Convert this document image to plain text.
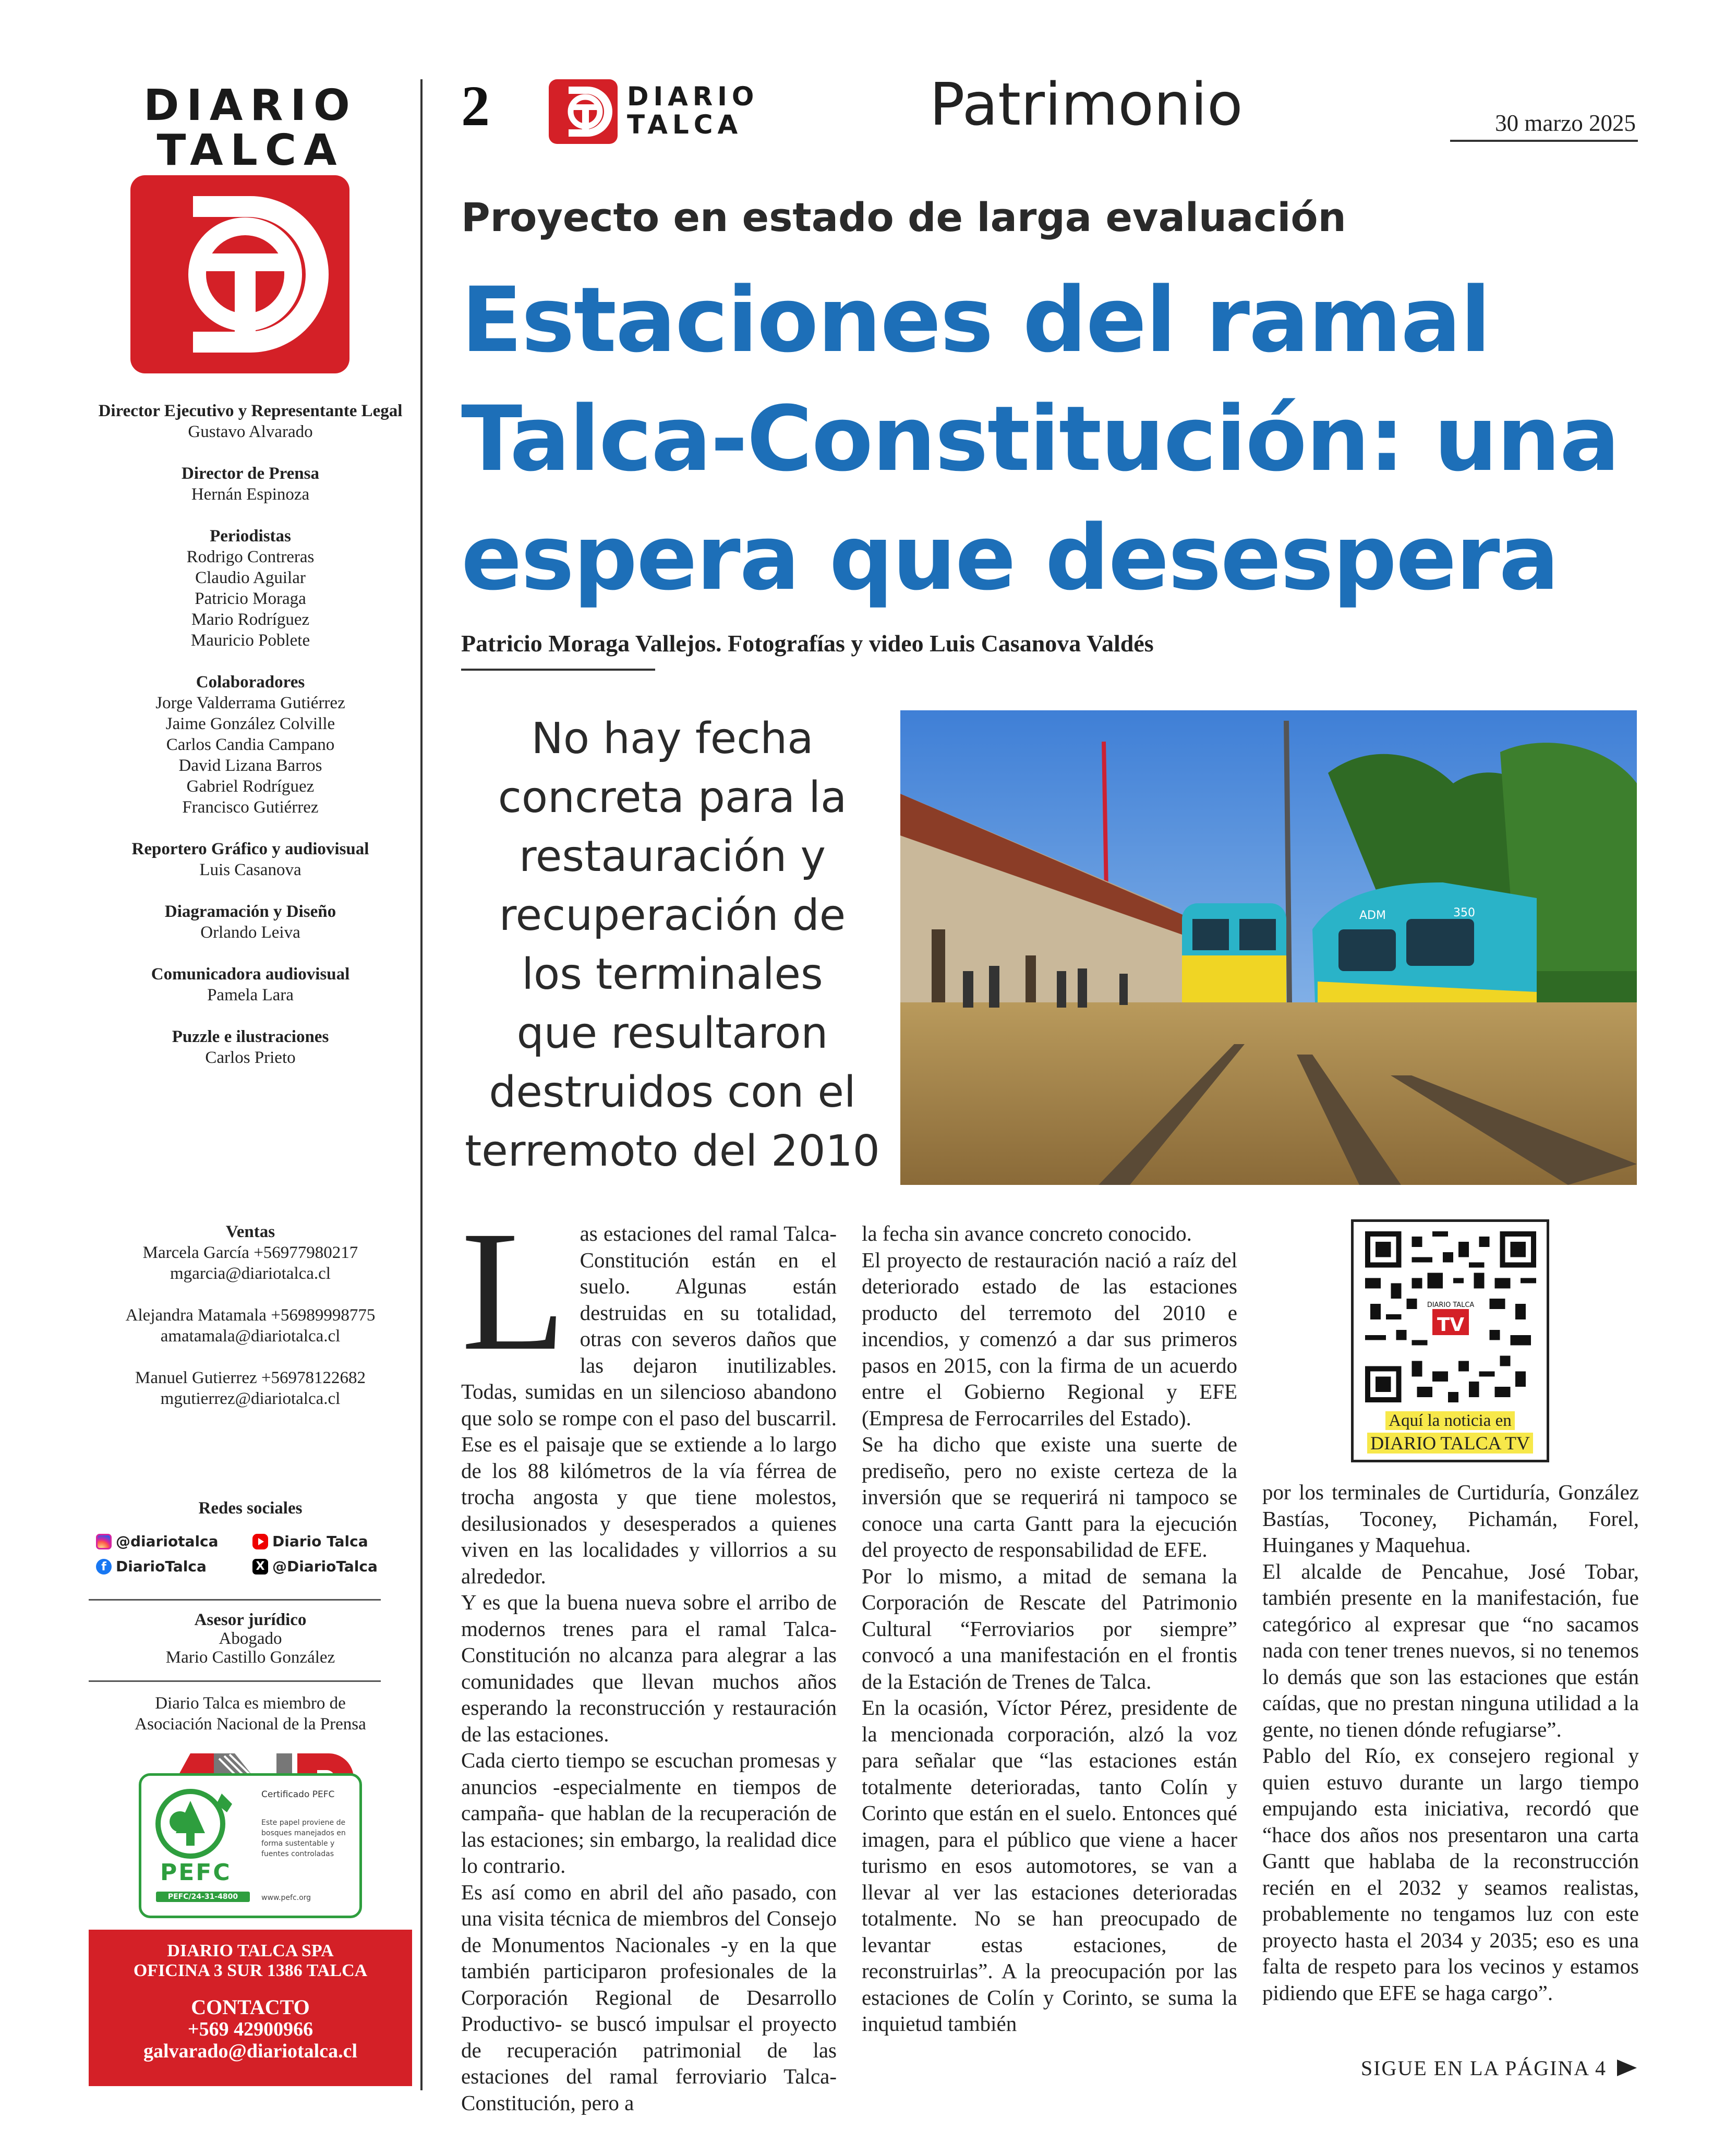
DIARIO
TALCA
Director Ejecutivo y Representante Legal
Gustavo Alvarado
Director de Prensa
Hernán Espinoza
Periodistas
Rodrigo Contreras
Claudio Aguilar
Patricio Moraga
Mario Rodríguez
Mauricio Poblete
Colaboradores
Jorge Valderrama Gutiérrez
Jaime González Colville
Carlos Candia Campano
David Lizana Barros
Gabriel Rodríguez
Francisco Gutiérrez
Reportero Gráfico y audiovisual
Luis Casanova
Diagramación y Diseño
Orlando Leiva
Comunicadora audiovisual
Pamela Lara
Puzzle e ilustraciones
Carlos Prieto
Ventas
Marcela García +56977980217
mgarcia@diariotalca.cl
Alejandra Matamala +56989998775
amatamala@diariotalca.cl
Manuel Gutierrez +56978122682
mgutierrez@diariotalca.cl
Redes sociales
@diariotalca	Diario Talca
f DiarioTalca	X @DiarioTalca
Asesor jurídico
Abogado
Mario Castillo González
Diario Talca es miembro de
Asociación Nacional de la Prensa
PEFC
PEFC/24-31-4800
Certificado PEFC
Este papel proviene de bosques manejados en forma sustentable y fuentes controladas
www.pefc.org
DIARIO TALCA SPA
OFICINA 3 SUR 1386 TALCA
CONTACTO
+569 42900966
galvarado@diariotalca.cl
2	DIARIO
TALCA	Patrimonio	30 marzo 2025
Proyecto en estado de larga evaluación
Estaciones del ramal
Talca-Constitución: una
espera que desespera
Patricio Moraga Vallejos. Fotografías y video Luis Casanova Valdés
No hay fecha
concreta para la
restauración y
recuperación de
los terminales
que resultaron
destruidos con el
terremoto del 2010
ADM	350
L as estaciones del ramal Talca-Constitución están en el suelo. Algunas están destruidas en su totalidad, otras con severos daños que las dejaron inutilizables. Todas, sumidas en un silencioso abandono que solo se rompe con el paso del buscarril. Ese es el paisaje que se extiende a lo largo de los 88 kilómetros de la vía férrea de trocha angosta y que tiene molestos, desilusionados y desesperados a quienes viven en las localidades y villorrios a su alrededor.

Y es que la buena nueva sobre el arribo de modernos trenes para el ramal Talca-Constitución no alcanza para alegrar a las comunidades que llevan muchos años esperando la reconstrucción y restauración de las estaciones.

Cada cierto tiempo se escuchan promesas y anuncios -especialmente en tiempos de campaña- que hablan de la recuperación de las estaciones; sin embargo, la realidad dice lo contrario.

Es así como en abril del año pasado, con una visita técnica de miembros del Consejo de Monumentos Nacionales -y en la que también participaron profesionales de la Corporación Regional de Desarrollo Productivo- se buscó impulsar el proyecto de recuperación patrimonial de las estaciones del ramal ferroviario Talca-Constitución, pero a

la fecha sin avance concreto conocido.

El proyecto de restauración nació a raíz del deteriorado estado de las estaciones producto del terremoto del 2010 e incendios, y comenzó a dar sus primeros pasos en 2015, con la firma de un acuerdo entre el Gobierno Regional y EFE (Empresa de Ferrocarriles del Estado).

Se ha dicho que existe una suerte de prediseño, pero no existe certeza de la inversión que se requerirá ni tampoco se conoce una carta Gantt para la ejecución del proyecto de responsabilidad de EFE.

Por lo mismo, a mitad de semana la Corporación de Rescate del Patrimonio Cultural “Ferroviarios por siempre” convocó a una manifestación en el frontis de la Estación de Trenes de Talca.

En la ocasión, Víctor Pérez, presidente de la mencionada corporación, alzó la voz para señalar que “las estaciones están totalmente deterioradas, tanto Colín y Corinto que están en el suelo. Entonces qué imagen, para el público que viene a hacer turismo en esos automotores, se van a llevar al ver las estaciones deterioradas totalmente. No se han preocupado de levantar estas estaciones, de reconstruirlas”. A la preocupación por las estaciones de Colín y Corinto, se suma la inquietud también

DIARIO TALCA
TV
Aquí la noticia en
DIARIO TALCA TV

por los terminales de Curtiduría, González Bastías, Toconey, Pichamán, Forel, Huinganes y Maquehua.

El alcalde de Pencahue, José Tobar, también presente en la manifestación, fue categórico al expresar que “no sacamos nada con tener trenes nuevos, si no tenemos lo demás que son las estaciones que están caídas, que no prestan ninguna utilidad a la gente, no tienen dónde refugiarse”.

Pablo del Río, ex consejero regional y quien estuvo durante un largo tiempo empujando esta iniciativa, recordó que “hace dos años nos presentaron una carta Gantt que hablaba de la reconstrucción recién en el 2032 y seamos realistas, probablemente no tengamos luz con este proyecto hasta el 2034 y 2035; eso es una falta de respeto para los vecinos y estamos pidiendo que EFE se haga cargo”.

SIGUE EN LA PÁGINA 4
